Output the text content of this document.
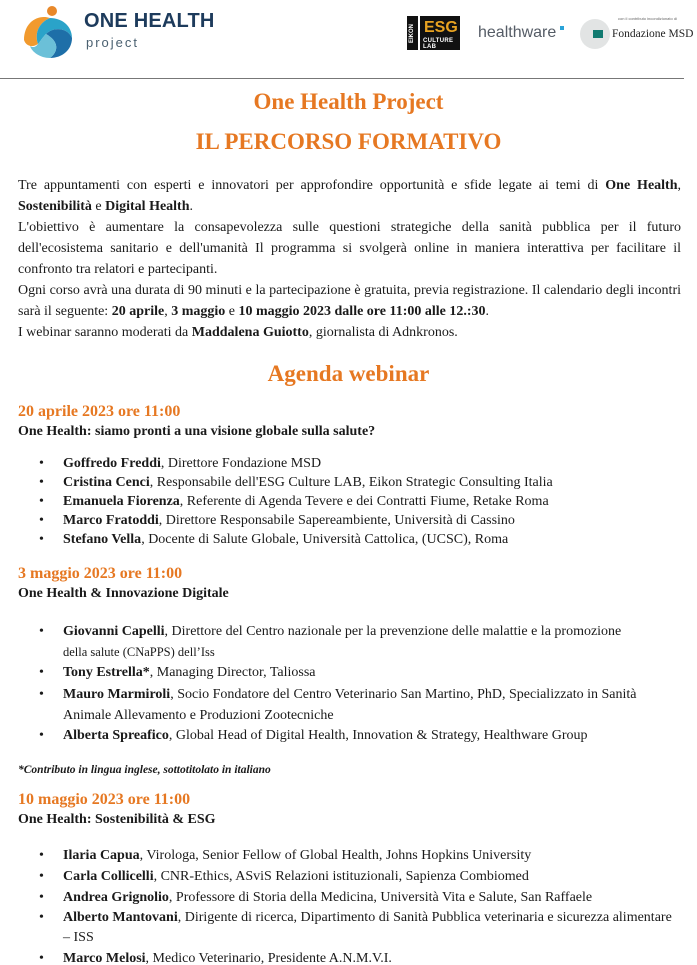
ONE HEALTH
project	EIKON ESG
CULTURE LAB
healthware
con il contributo incondizionato di
Fondazione MSD
One Health Project
IL PERCORSO FORMATIVO

Tre appuntamenti con esperti e innovatori per approfondire opportunità e sfide legate ai temi di One Health, Sostenibilità e Digital Health.

L'obiettivo è aumentare la consapevolezza sulle questioni strategiche della sanità pubblica per il futuro dell'ecosistema sanitario e dell'umanità Il programma si svolgerà online in maniera interattiva per facilitare il confronto tra relatori e partecipanti.

Ogni corso avrà una durata di 90 minuti e la partecipazione è gratuita, previa registrazione. Il calendario degli incontri sarà il seguente: 20 aprile, 3 maggio e 10 maggio 2023 dalle ore 11:00 alle 12.:30.

I webinar saranno moderati da Maddalena Guiotto, giornalista di Adnkronos.

Agenda webinar
20 aprile 2023 ore 11:00
One Health: siamo pronti a una visione globale sulla salute?
• Goffredo Freddi, Direttore Fondazione MSD
• Cristina Cenci, Responsabile dell'ESG Culture LAB, Eikon Strategic Consulting Italia
• Emanuela Fiorenza, Referente di Agenda Tevere e dei Contratti Fiume, Retake Roma
• Marco Fratoddi, Direttore Responsabile Sapereambiente, Università di Cassino
• Stefano Vella, Docente di Salute Globale, Università Cattolica, (UCSC), Roma
3 maggio 2023 ore 11:00
One Health & Innovazione Digitale
• Giovanni Capelli, Direttore del Centro nazionale per la prevenzione delle malattie e la promozione
della salute (CNaPPS) dell’Iss
• Tony Estrella*, Managing Director, Taliossa
• Mauro Marmiroli, Socio Fondatore del Centro Veterinario San Martino, PhD, Specializzato in Sanità Animale Allevamento e Produzioni Zootecniche
• Alberta Spreafico, Global Head of Digital Health, Innovation & Strategy, Healthware Group
*Contributo in lingua inglese, sottotitolato in italiano
10 maggio 2023 ore 11:00
One Health: Sostenibilità & ESG
• Ilaria Capua, Virologa, Senior Fellow of Global Health, Johns Hopkins University
• Carla Collicelli, CNR-Ethics, ASviS Relazioni istituzionali, Sapienza Combiomed
• Andrea Grignolio, Professore di Storia della Medicina, Università Vita e Salute, San Raffaele
• Alberto Mantovani, Dirigente di ricerca, Dipartimento di Sanità Pubblica veterinaria e sicurezza alimentare – ISS
• Marco Melosi, Medico Veterinario, Presidente A.N.M.V.I.
